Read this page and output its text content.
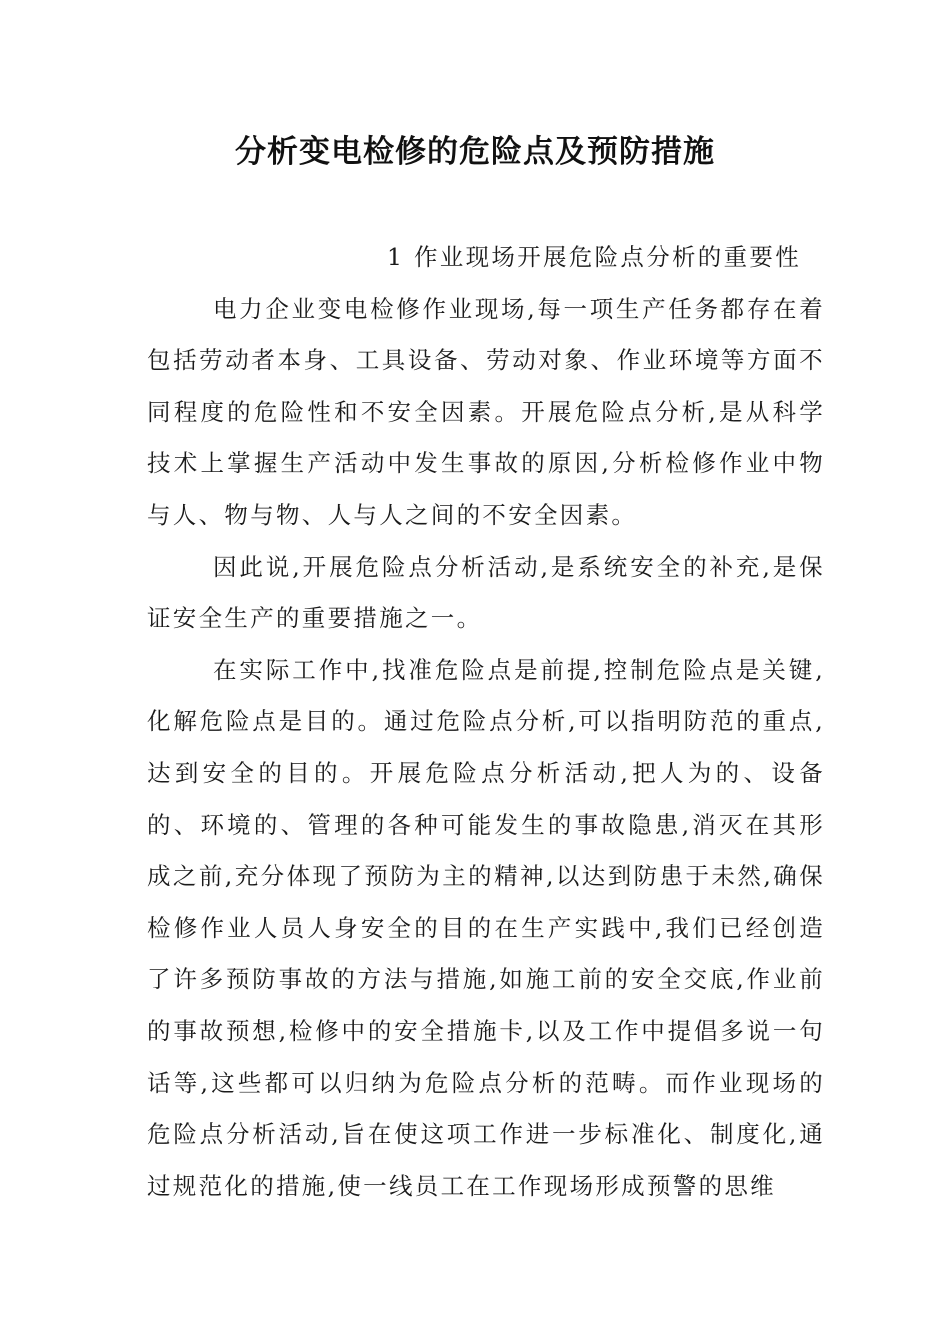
分析变电检修的危险点及预防措施

1 作业现场开展危险点分析的重要性

电力企业变电检修作业现场,每一项生产任务都存在着包括劳动者本身、工具设备、劳动对象、作业环境等方面不同程度的危险性和不安全因素。开展危险点分析,是从科学技术上掌握生产活动中发生事故的原因,分析检修作业中物与人、物与物、人与人之间的不安全因素。

因此说,开展危险点分析活动,是系统安全的补充,是保证安全生产的重要措施之一。

在实际工作中,找准危险点是前提,控制危险点是关键,化解危险点是目的。通过危险点分析,可以指明防范的重点,达到安全的目的。开展危险点分析活动,把人为的、设备的、环境的、管理的各种可能发生的事故隐患,消灭在其形成之前,充分体现了预防为主的精神,以达到防患于未然,确保检修作业人员人身安全的目的在生产实践中,我们已经创造了许多预防事故的方法与措施,如施工前的安全交底,作业前的事故预想,检修中的安全措施卡,以及工作中提倡多说一句话等,这些都可以归纳为危险点分析的范畴。而作业现场的危险点分析活动,旨在使这项工作进一步标准化、制度化,通过规范化的措施,使一线员工在工作现场形成预警的思维
